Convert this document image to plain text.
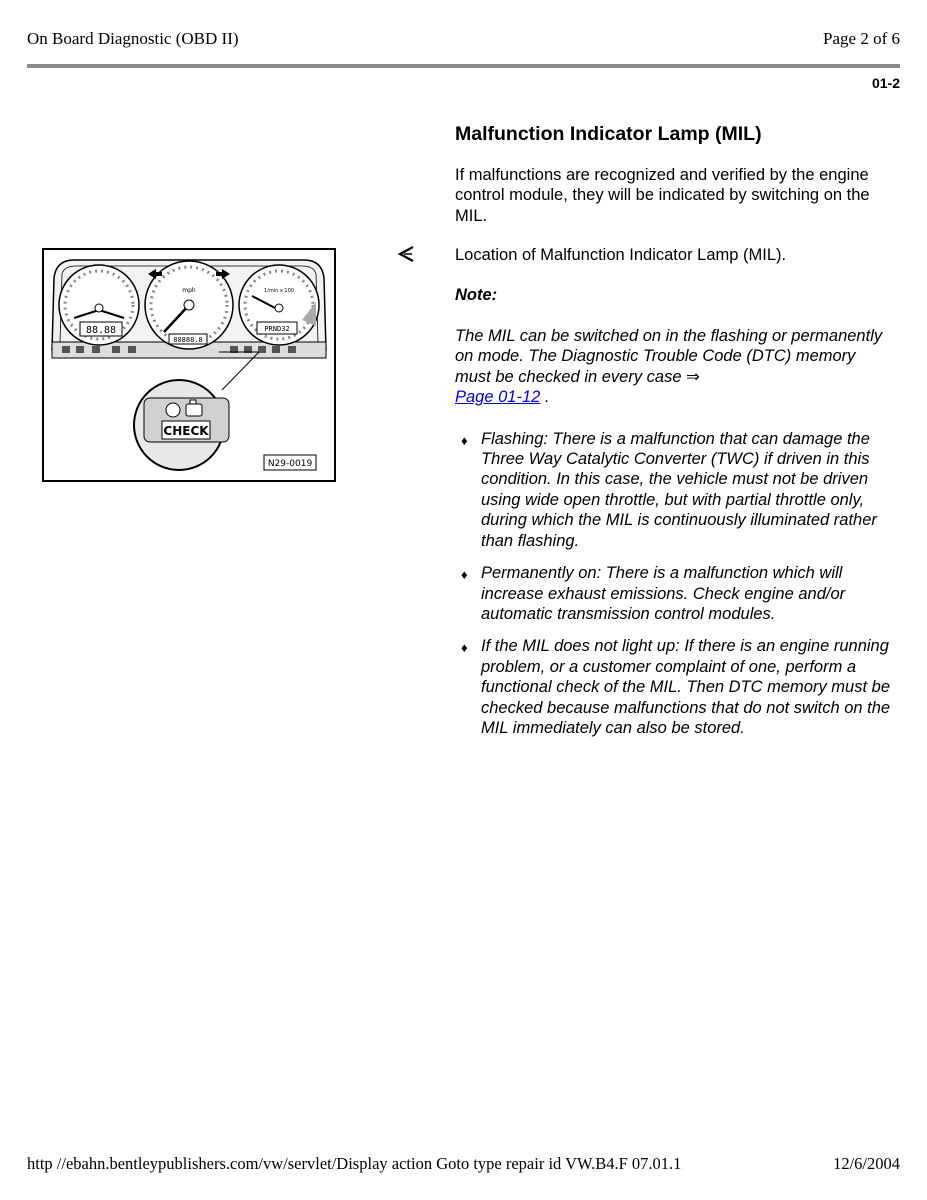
On Board Diagnostic (OBD II)	Page 2 of 6
01-2
88.88
mph
88888.8
1/min x 100
PRND32
CHECK
N29-0019
Malfunction Indicator Lamp (MIL)
If malfunctions are recognized and verified by the engine control module, they will be indicated by switching on the MIL.
Location of Malfunction Indicator Lamp (MIL).
Note:
The MIL can be switched on in the flashing or permanently on mode. The Diagnostic Trouble Code (DTC) memory must be checked in every case ⇒
Page 01-12 .
♦ Flashing: There is a malfunction that can damage the Three Way Catalytic Converter (TWC) if driven in this condition. In this case, the vehicle must not be driven using wide open throttle, but with partial throttle only, during which the MIL is continuously illuminated rather than flashing.
♦ Permanently on: There is a malfunction which will increase exhaust emissions. Check engine and/or automatic transmission control modules.
♦ If the MIL does not light up: If there is an engine running problem, or a customer complaint of one, perform a functional check of the MIL. Then DTC memory must be checked because malfunctions that do not switch on the MIL immediately can also be stored.
http //ebahn.bentleypublishers.com/vw/servlet/Display action Goto type repair id VW.B4.F 07.01.1	12/6/2004
